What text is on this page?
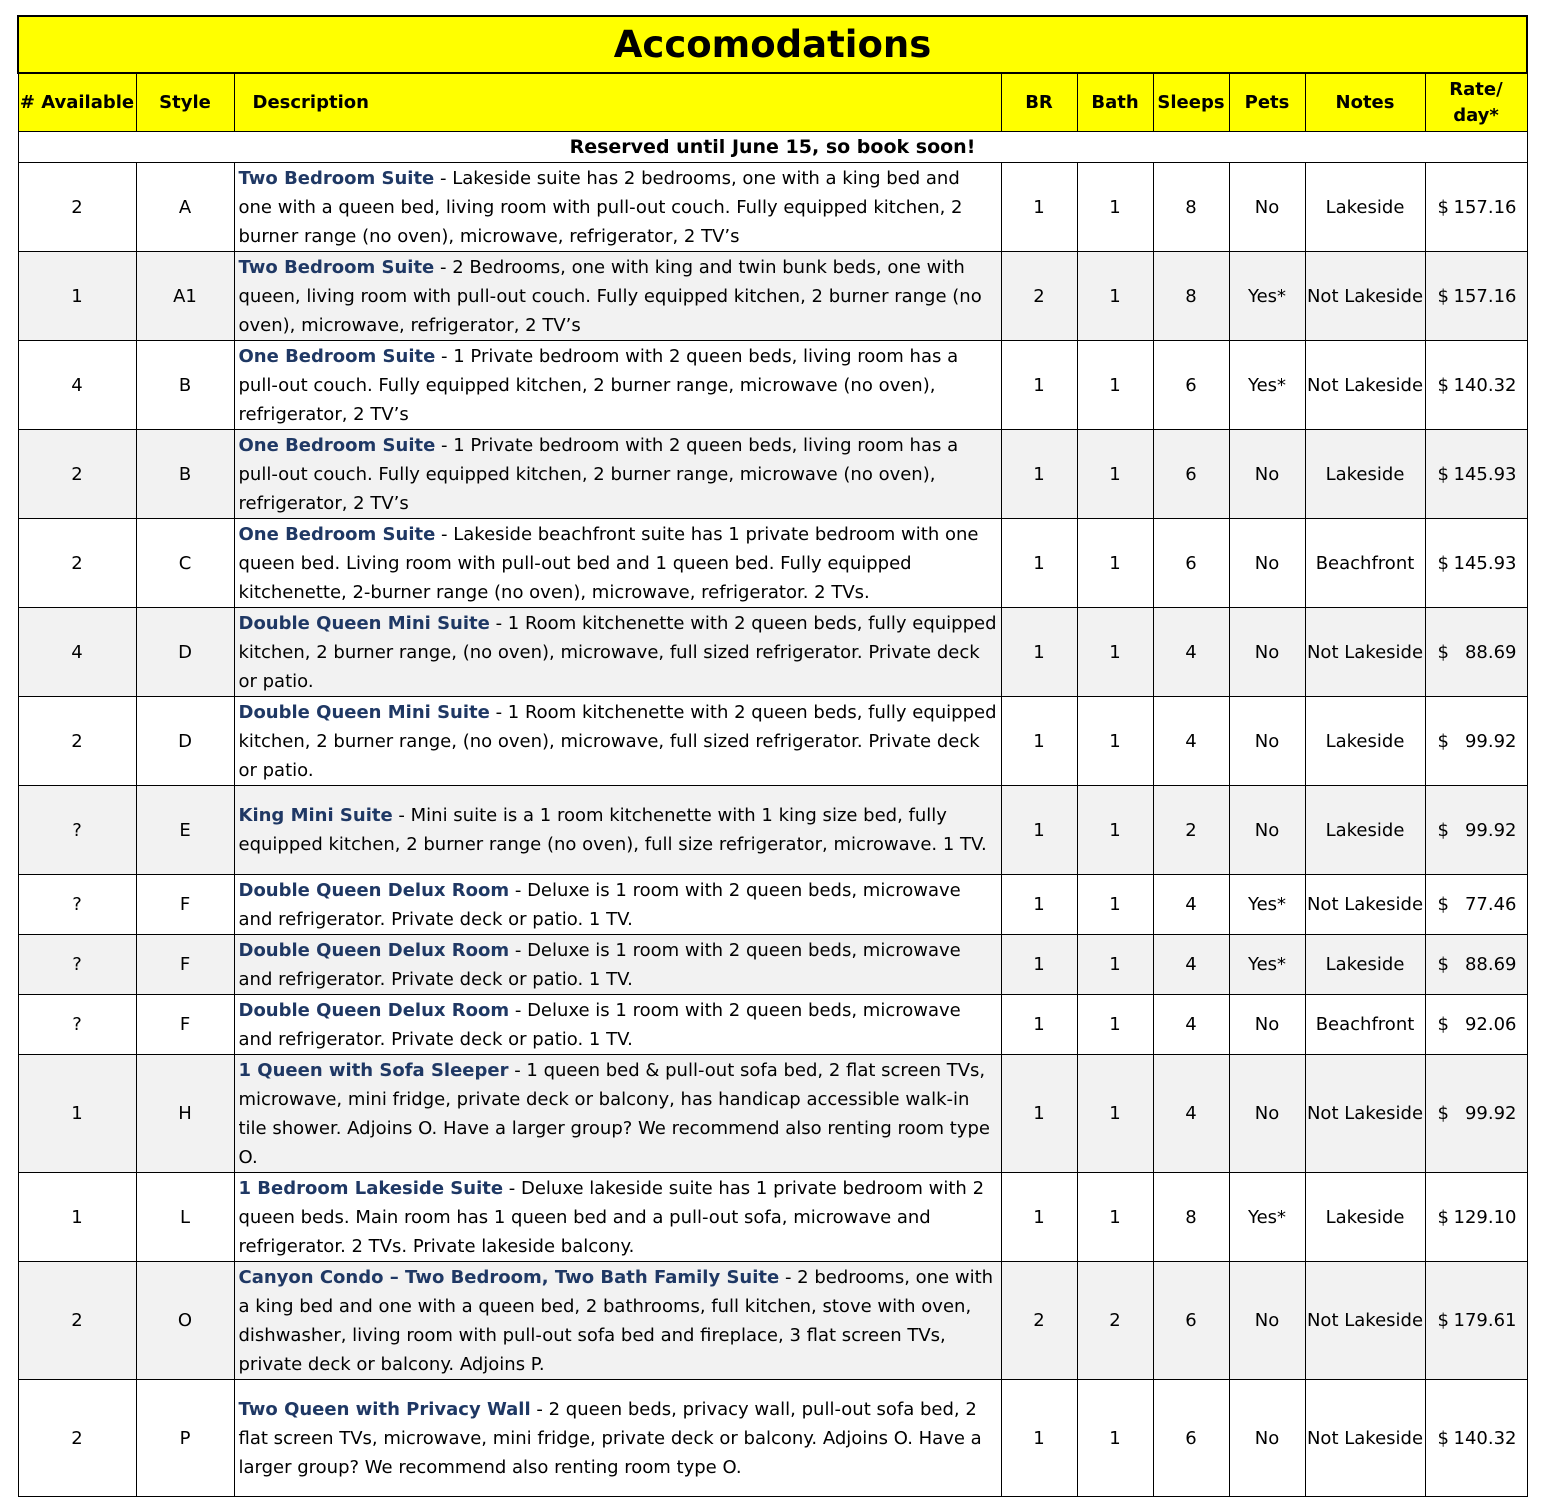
Accomodations								
# Available	Style	Description	BR	Bath	Sleeps	Pets	Notes	Rate/
day*
Reserved until June 15, so book soon!								
2	A	Two Bedroom Suite - Lakeside suite has 2 bedrooms, one with a king bed and one with a queen bed, living room with pull-out couch. Fully equipped kitchen, 2 burner range (no oven), microwave, refrigerator, 2 TV’s	1	1	8	No	Lakeside	$ 157.16

1	A1	Two Bedroom Suite - 2 Bedrooms, one with king and twin bunk beds, one with queen, living room with pull-out couch. Fully equipped kitchen, 2 burner range (no oven), microwave, refrigerator, 2 TV’s	2	1	8	Yes*	Not Lakeside	$ 157.16

4	B	One Bedroom Suite - 1 Private bedroom with 2 queen beds, living room has a pull-out couch. Fully equipped kitchen, 2 burner range, microwave (no oven), refrigerator, 2 TV’s	1	1	6	Yes*	Not Lakeside	$ 140.32

2	B	One Bedroom Suite - 1 Private bedroom with 2 queen beds, living room has a pull-out couch. Fully equipped kitchen, 2 burner range, microwave (no oven), refrigerator, 2 TV’s	1	1	6	No	Lakeside	$ 145.93

2	C	One Bedroom Suite - Lakeside beachfront suite has 1 private bedroom with one queen bed. Living room with pull-out bed and 1 queen bed. Fully equipped kitchenette, 2-burner range (no oven), microwave, refrigerator. 2 TVs.	1	1	6	No	Beachfront	$ 145.93

4	D	Double Queen Mini Suite - 1 Room kitchenette with 2 queen beds, fully equipped kitchen, 2 burner range, (no oven), microwave, full sized refrigerator. Private deck or patio.	1	1	4	No	Not Lakeside	$ 88.69

2	D	Double Queen Mini Suite - 1 Room kitchenette with 2 queen beds, fully equipped kitchen, 2 burner range, (no oven), microwave, full sized refrigerator. Private deck or patio.	1	1	4	No	Lakeside	$ 99.92

?	E	King Mini Suite - Mini suite is a 1 room kitchenette with 1 king size bed, fully equipped kitchen, 2 burner range (no oven), full size refrigerator, microwave. 1 TV.	1	1	2	No	Lakeside	$ 99.92

?	F	Double Queen Delux Room - Deluxe is 1 room with 2 queen beds, microwave and refrigerator. Private deck or patio. 1 TV.	1	1	4	Yes*	Not Lakeside	$ 77.46

?	F	Double Queen Delux Room - Deluxe is 1 room with 2 queen beds, microwave and refrigerator. Private deck or patio. 1 TV.	1	1	4	Yes*	Lakeside	$ 88.69

?	F	Double Queen Delux Room - Deluxe is 1 room with 2 queen beds, microwave and refrigerator. Private deck or patio. 1 TV.	1	1	4	No	Beachfront	$ 92.06

1	H	1 Queen with Sofa Sleeper - 1 queen bed & pull-out sofa bed, 2 flat screen TVs, microwave, mini fridge, private deck or balcony, has handicap accessible walk-in tile shower. Adjoins O. Have a larger group? We recommend also renting room type O.	1	1	4	No	Not Lakeside	$ 99.92

1	L	1 Bedroom Lakeside Suite - Deluxe lakeside suite has 1 private bedroom with 2 queen beds. Main room has 1 queen bed and a pull-out sofa, microwave and refrigerator. 2 TVs. Private lakeside balcony.	1	1	8	Yes*	Lakeside	$ 129.10

2	O	Canyon Condo – Two Bedroom, Two Bath Family Suite - 2 bedrooms, one with a king bed and one with a queen bed, 2 bathrooms, full kitchen, stove with oven, dishwasher, living room with pull-out sofa bed and fireplace, 3 flat screen TVs, private deck or balcony. Adjoins P.	2	2	6	No	Not Lakeside	$ 179.61

2	P	Two Queen with Privacy Wall - 2 queen beds, privacy wall, pull-out sofa bed, 2 flat screen TVs, microwave, mini fridge, private deck or balcony. Adjoins O. Have a larger group? We recommend also renting room type O.	1	1	6	No	Not Lakeside	$ 140.32
